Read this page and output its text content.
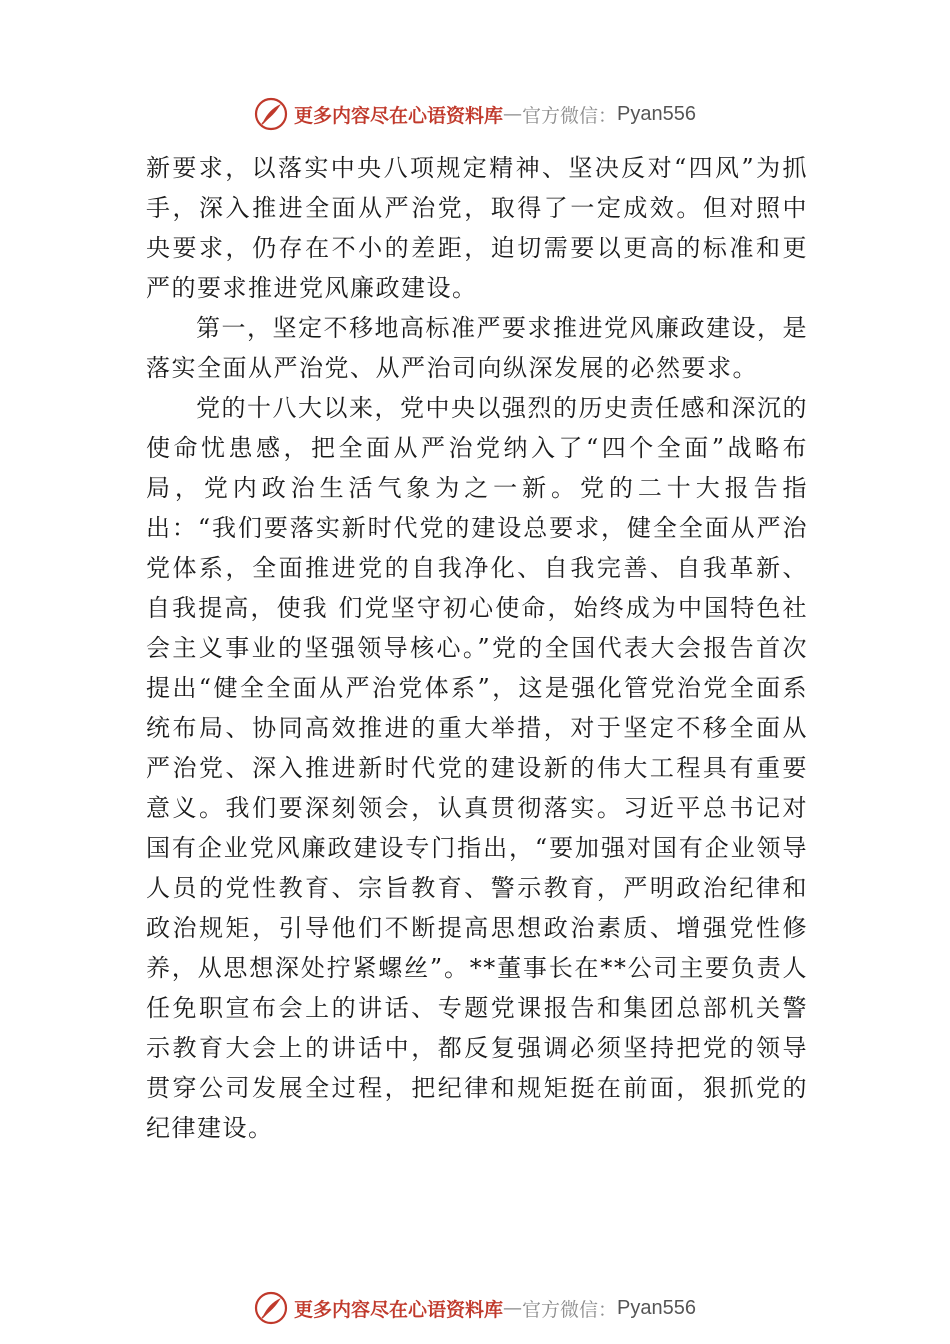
更多内容尽在心语资料库 — 官方微信： Pyan556

新要求，以落实中央八项规定精神、坚决反对“四风”为抓手，深入推进全面从严治党，取得了一定成效。但对照中央要求，仍存在不小的差距，迫切需要以更高的标准和更严的要求推进党风廉政建设。

第一，坚定不移地高标准严要求推进党风廉政建设，是落实全面从严治党、从严治司向纵深发展的必然要求。

党的十八大以来，党中央以强烈的历史责任感和深沉的使命忧患感，把全面从严治党纳入了“四个全面”战略布局，党内政治生活气象为之一新。党的二十大报告指出：“我们要落实新时代党的建设总要求，健全全面从严治党体系，全面推进党的自我净化、自我完善、自我革新、自我提高，使我 们党坚守初心使命，始终成为中国特色社会主义事业的坚强领导核心。”党的全国代表大会报告首次提出“健全全面从严治党体系”，这是强化管党治党全面系统布局、协同高效推进的重大举措，对于坚定不移全面从严治党、深入推进新时代党的建设新的伟大工程具有重要意义。我们要深刻领会，认真贯彻落实。习近平总书记对国有企业党风廉政建设专门指出，“要加强对国有企业领导人员的党性教育、宗旨教育、警示教育，严明政治纪律和政治规矩，引导他们不断提高思想政治素质、增强党性修养，从思想深处拧紧螺丝”。**董事长在**公司主要负责人任免职宣布会上的讲话、专题党课报告和集团总部机关警示教育大会上的讲话中，都反复强调必须坚持把党的领导贯穿公司发展全过程，把纪律和规矩挺在前面，狠抓党的纪律建设。

更多内容尽在心语资料库 — 官方微信： Pyan556
